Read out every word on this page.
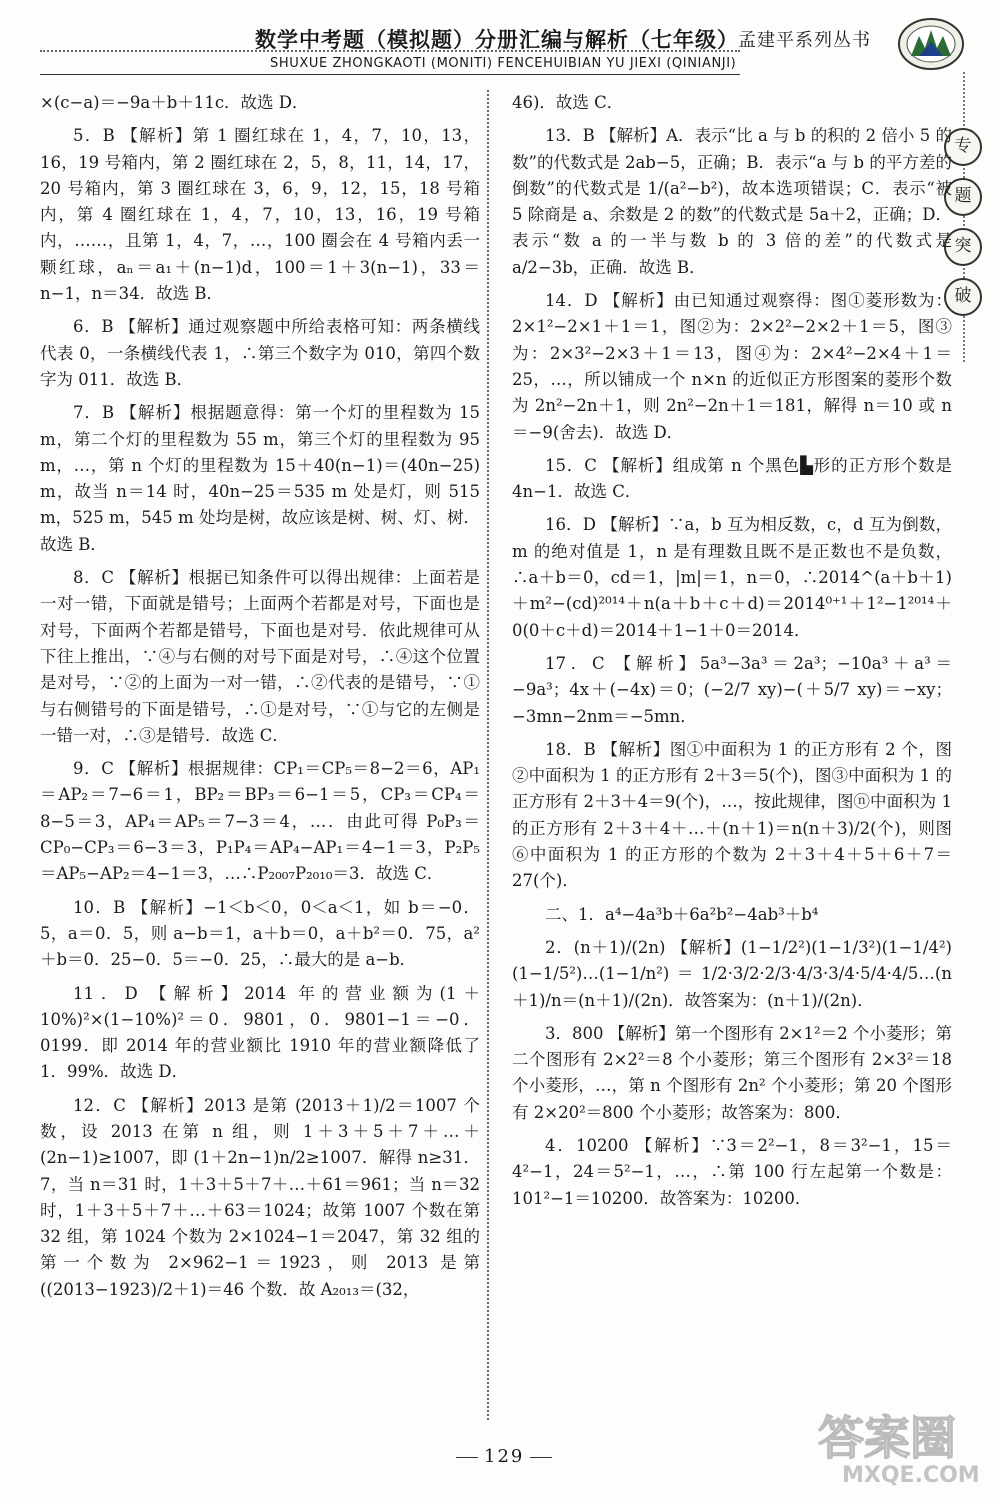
数学中考题（模拟题）分册汇编与解析（七年级） 孟建平系列丛书
SHUXUE ZHONGKAOTI (MONITI) FENCEHUIBIAN YU JIEXI (QINIANJI)
专
题
突
破

×(c−a)＝−9a＋b＋11c．故选 D．

5．B 【解析】第 1 圈红球在 1，4，7，10，13，16，19 号箱内，第 2 圈红球在 2，5，8，11，14，17，20 号箱内，第 3 圈红球在 3，6，9，12，15，18 号箱内，第 4 圈红球在 1，4，7，10，13，16，19 号箱内，……，且第 1，4，7，…，100 圈会在 4 号箱内丢一颗红球，aₙ＝a₁＋(n−1)d，100＝1＋3(n−1)，33＝n−1，n＝34．故选 B．

6．B 【解析】通过观察题中所给表格可知：两条横线代表 0，一条横线代表 1，∴第三个数字为 010，第四个数字为 011．故选 B．

7．B 【解析】根据题意得：第一个灯的里程数为 15 m，第二个灯的里程数为 55 m，第三个灯的里程数为 95 m，…，第 n 个灯的里程数为 15＋40(n−1)＝(40n−25) m，故当 n＝14 时，40n−25＝535 m 处是灯，则 515 m，525 m，545 m 处均是树，故应该是树、树、灯、树．故选 B．

8．C 【解析】根据已知条件可以得出规律：上面若是一对一错，下面就是错号；上面两个若都是对号，下面也是对号，下面两个若都是错号，下面也是对号．依此规律可从下往上推出，∵④与右侧的对号下面是对号，∴④这个位置是对号，∵②的上面为一对一错，∴②代表的是错号，∵①与右侧错号的下面是错号，∴①是对号，∵①与它的左侧是一错一对，∴③是错号．故选 C．

9．C 【解析】根据规律：CP₁＝CP₅＝8−2＝6，AP₁＝AP₂＝7−6＝1，BP₂＝BP₃＝6−1＝5，CP₃＝CP₄＝8−5＝3，AP₄＝AP₅＝7−3＝4，…．由此可得 P₀P₃＝CP₀−CP₃＝6−3＝3，P₁P₄＝AP₄−AP₁＝4−1＝3，P₂P₅＝AP₅−AP₂＝4−1＝3，…∴P₂₀₀₇P₂₀₁₀＝3．故选 C．

10．B 【解析】−1＜b＜0，0＜a＜1，如 b＝−0．5，a＝0．5，则 a−b＝1，a＋b＝0，a＋b²＝0．75，a²＋b＝0．25−0．5＝−0．25，∴最大的是 a−b．

11．D 【解析】2014 年的营业额为(1＋10%)²×(1−10%)²＝0．9801，0．9801−1＝−0．0199．即 2014 年的营业额比 1910 年的营业额降低了 1．99%．故选 D．

12．C 【解析】2013 是第 (2013＋1)/2＝1007 个数，设 2013 在第 n 组，则 1＋3＋5＋7＋…＋(2n−1)≥1007，即 (1＋2n−1)n/2≥1007．解得 n≥31．7，当 n＝31 时，1＋3＋5＋7＋…＋61＝961；当 n＝32 时，1＋3＋5＋7＋…＋63＝1024；故第 1007 个数在第 32 组，第 1024 个数为 2×1024−1＝2047，第 32 组的第一个数为 2×962−1＝1923，则 2013 是第 ((2013−1923)/2＋1)＝46 个数．故 A₂₀₁₃＝(32，

46)．故选 C．

13．B 【解析】A．表示“比 a 与 b 的积的 2 倍小 5 的数”的代数式是 2ab−5，正确；B．表示“a 与 b 的平方差的倒数”的代数式是 1/(a²−b²)，故本选项错误；C．表示“被 5 除商是 a、余数是 2 的数”的代数式是 5a＋2，正确；D．表示“数 a 的一半与数 b 的 3 倍的差”的代数式是 a/2−3b，正确．故选 B．

14．D 【解析】由已知通过观察得：图①菱形数为：2×1²−2×1＋1＝1，图②为：2×2²−2×2＋1＝5，图③为：2×3²−2×3＋1＝13，图④为：2×4²−2×4＋1＝25，…，所以铺成一个 n×n 的近似正方形图案的菱形个数为 2n²−2n＋1，则 2n²−2n＋1＝181，解得 n＝10 或 n＝−9(舍去)．故选 D．

15．C 【解析】组成第 n 个黑色▙形的正方形个数是 4n−1．故选 C．

16．D 【解析】∵a，b 互为相反数，c，d 互为倒数，m 的绝对值是 1，n 是有理数且既不是正数也不是负数，∴a＋b＝0，cd＝1，|m|＝1，n＝0，∴2014^(a＋b＋1)＋m²−(cd)²⁰¹⁴＋n(a＋b＋c＋d)＝2014⁰⁺¹＋1²−1²⁰¹⁴＋0(0＋c＋d)＝2014＋1−1＋0＝2014．

17．C 【解析】5a³−3a³＝2a³；−10a³＋a³＝−9a³；4x＋(−4x)＝0；(−2/7 xy)−(＋5/7 xy)＝−xy；−3mn−2nm＝−5mn．

18．B 【解析】图①中面积为 1 的正方形有 2 个，图②中面积为 1 的正方形有 2＋3＝5(个)，图③中面积为 1 的正方形有 2＋3＋4＝9(个)，…，按此规律，图ⓝ中面积为 1 的正方形有 2＋3＋4＋…＋(n＋1)＝n(n＋3)/2(个)，则图⑥中面积为 1 的正方形的个数为 2＋3＋4＋5＋6＋7＝27(个)．

二、1．a⁴−4a³b＋6a²b²−4ab³＋b⁴

2．(n＋1)/(2n) 【解析】(1−1/2²)(1−1/3²)(1−1/4²)(1−1/5²)…(1−1/n²)＝1/2·3/2·2/3·4/3·3/4·5/4·4/5…(n＋1)/n＝(n＋1)/(2n)．故答案为：(n＋1)/(2n)．

3．800 【解析】第一个图形有 2×1²＝2 个小菱形；第二个图形有 2×2²＝8 个小菱形；第三个图形有 2×3²＝18 个小菱形，…，第 n 个图形有 2n² 个小菱形；第 20 个图形有 2×20²＝800 个小菱形；故答案为：800．

4．10200 【解析】∵3＝2²−1，8＝3²−1，15＝4²−1，24＝5²−1，…，∴第 100 行左起第一个数是：101²−1＝10200．故答案为：10200．

129	答案圈
MXQE.COM
